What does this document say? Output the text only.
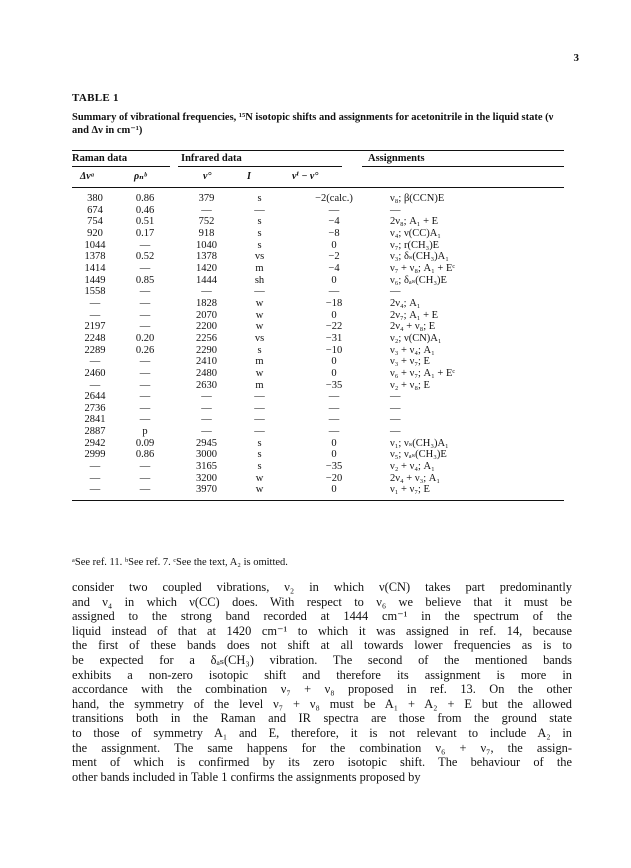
3
TABLE 1
Summary of vibrational frequencies, ¹⁵N isotopic shifts and assignments for acetonitrile in the liquid state (ν and Δν in cm⁻¹)
Raman data	Infrared data	Assignments
Δνᵃ	ρₙᵇ	ν°	I	νⁱ − ν°
380	0.86	379	s	−2(calc.)	ν₈; β(CCN)E
674	0.46	—	—	—	—
754	0.51	752	s	−4	2ν₈; A₁ + E
920	0.17	918	s	−8	ν₄; ν(CC)A₁
1044	—	1040	s	0	ν₇; r(CH₃)E
1378	0.52	1378	vs	−2	ν₃; δₛ(CH₃)A₁
1414	—	1420	m	−4	ν₇ + ν₈; A₁ + Eᶜ
1449	0.85	1444	sh	0	ν₆; δₐₛ(CH₃)E
1558	—	—	—	—	—
—	—	1828	w	−18	2ν₄; A₁
—	—	2070	w	0	2ν₇; A₁ + E
2197	—	2200	w	−22	2ν₄ + ν₈; E
2248	0.20	2256	vs	−31	ν₂; ν(CN)A₁
2289	0.26	2290	s	−10	ν₃ + ν₄; A₁
—	—	2410	m	0	ν₃ + ν₇; E
2460	—	2480	w	0	ν₆ + ν₇; A₁ + Eᶜ
—	—	2630	m	−35	ν₂ + ν₈; E
2644	—	—	—	—	—
2736	—	—	—	—	—
2841	—	—	—	—	—
2887	p	—	—	—	—
2942	0.09	2945	s	0	ν₁; νₛ(CH₃)A₁
2999	0.86	3000	s	0	ν₅; νₐₛ(CH₃)E
—	—	3165	s	−35	ν₂ + ν₄; A₁
—	—	3200	w	−20	2ν₄ + ν₃; A₁
—	—	3970	w	0	ν₁ + ν₇; E
ᵃSee ref. 11. ᵇSee ref. 7. ᶜSee the text, A₂ is omitted.

consider two coupled vibrations, ν₂ in which ν(CN) takes part predominantly

and ν₄ in which ν(CC) does. With respect to ν₆ we believe that it must be

assigned to the strong band recorded at 1444 cm⁻¹ in the spectrum of the

liquid instead of that at 1420 cm⁻¹ to which it was assigned in ref. 14, because

the first of these bands does not shift at all towards lower frequencies as is to

be expected for a δₐₛ(CH₃) vibration. The second of the mentioned bands

exhibits a non-zero isotopic shift and therefore its assignment is more in

accordance with the combination ν₇ + ν₈ proposed in ref. 13. On the other

hand, the symmetry of the level ν₇ + ν₈ must be A₁ + A₂ + E but the allowed

transitions both in the Raman and IR spectra are those from the ground state

to those of symmetry A₁ and E, therefore, it is not relevant to include A₂ in

the assignment. The same happens for the combination ν₆ + ν₇, the assign-

ment of which is confirmed by its zero isotopic shift. The behaviour of the

other bands included in Table 1 confirms the assignments proposed by
